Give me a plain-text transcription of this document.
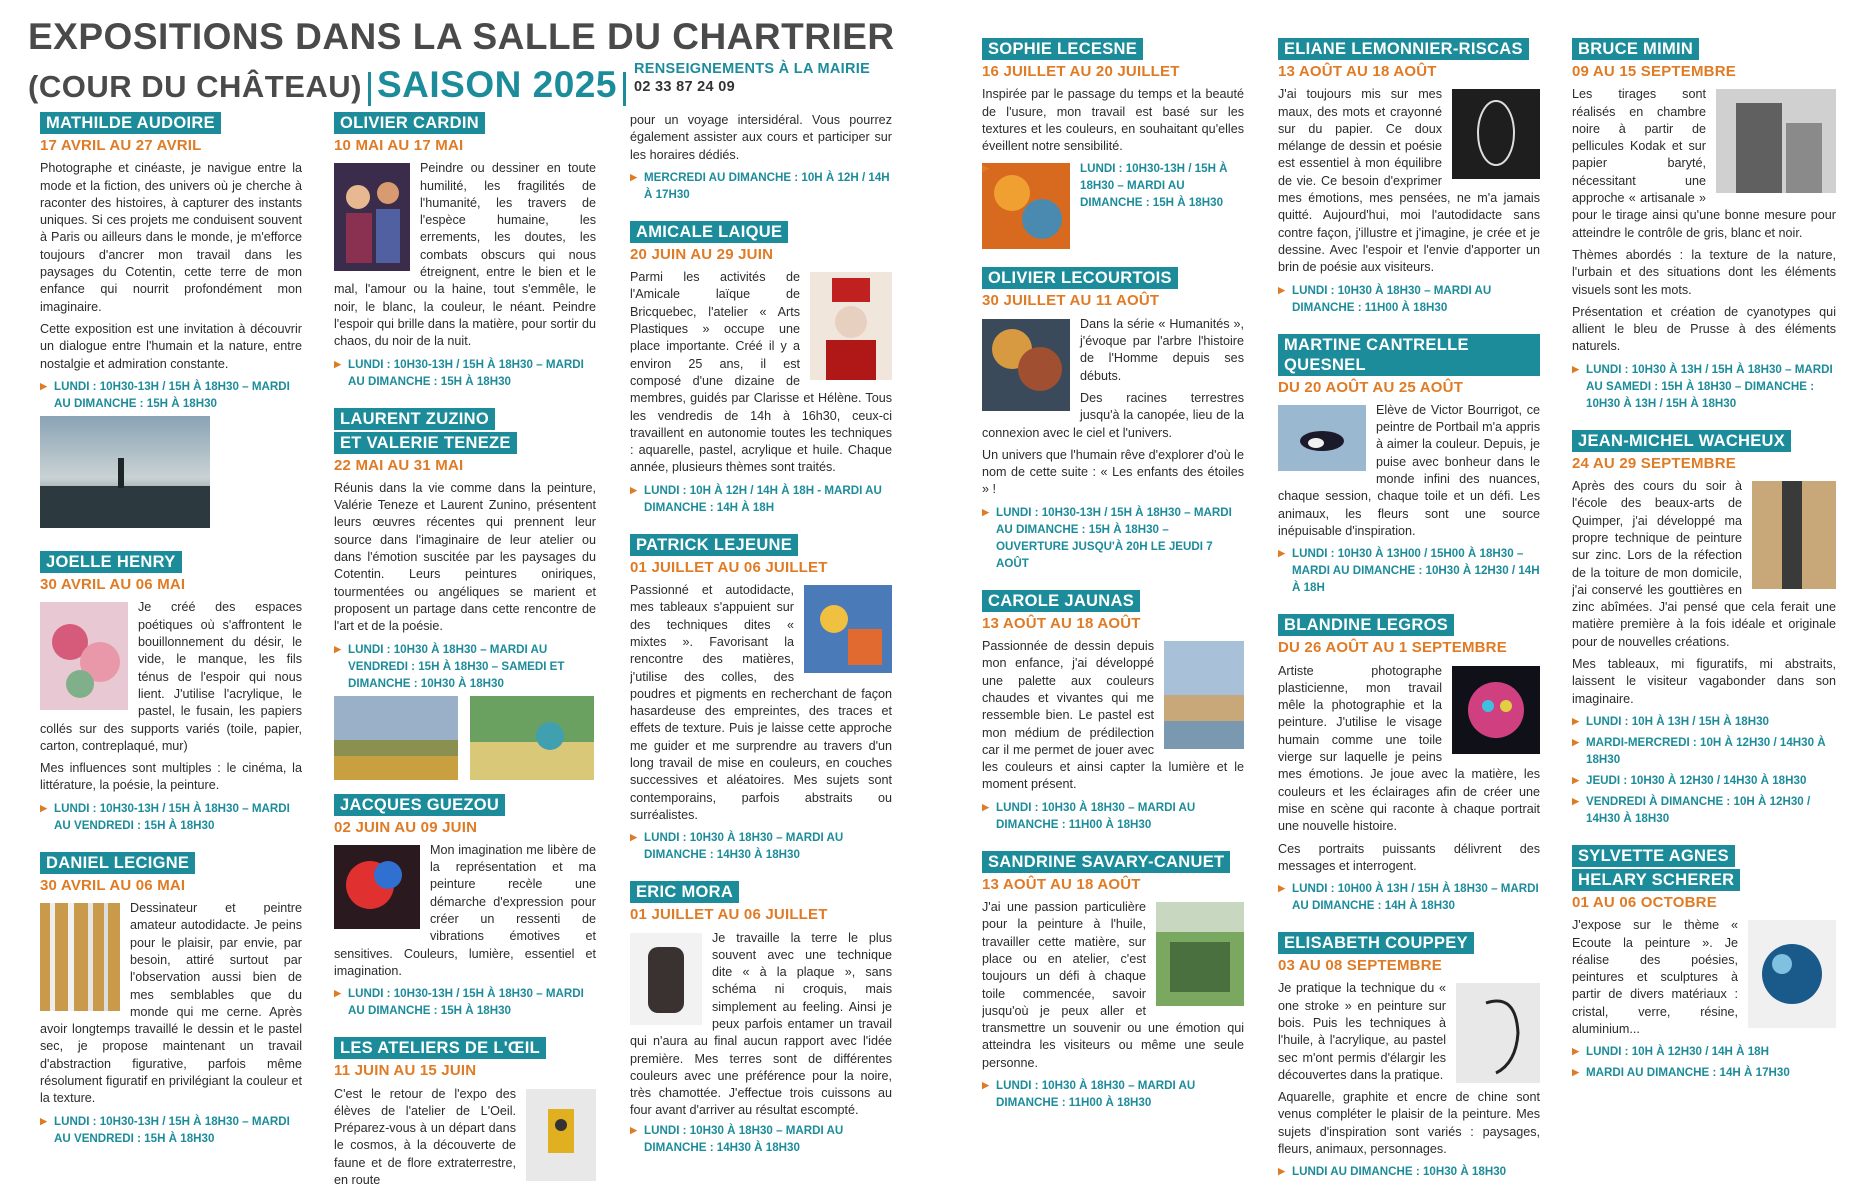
EXPOSITIONS DANS LA SALLE DU CHARTRIER
(COUR DU CHÂTEAU) SAISON 2025	RENSEIGNEMENTS À LA MAIRIE
02 33 87 24 09
MATHILDE AUDOIRE
17 AVRIL AU 27 AVRIL

Photographe et cinéaste, je navigue entre la mode et la fiction, des univers où je cherche à raconter des histoires, à capturer des instants uniques. Si ces projets me conduisent souvent à Paris ou ailleurs dans le monde, je m'efforce toujours d'ancrer mon travail dans les paysages du Cotentin, cette terre de mon enfance qui nourrit profondément mon imaginaire.

Cette exposition est une invitation à découvrir un dialogue entre l'humain et la nature, entre nostalgie et admiration constante.

▶ LUNDI : 10H30-13H / 15H À 18H30 – MARDI AU DIMANCHE : 15H À 18H30
JOELLE HENRY
30 AVRIL AU 06 MAI

Je créé des espaces poétiques où s'affrontent le bouillonnement du désir, le vide, le manque, les fils ténus de l'espoir qui nous lient. J'utilise l'acrylique, le pastel, le fusain, les papiers collés sur des supports variés (toile, papier, carton, contreplaqué, mur)

Mes influences sont multiples : le cinéma, la littérature, la poésie, la peinture.

▶ LUNDI : 10H30-13H / 15H À 18H30 – MARDI AU VENDREDI : 15H À 18H30
DANIEL LECIGNE
30 AVRIL AU 06 MAI

Dessinateur et peintre amateur autodidacte. Je peins pour le plaisir, par envie, par besoin, attiré surtout par l'observation aussi bien de mes semblables que du monde qui me cerne. Après avoir longtemps travaillé le dessin et le pastel sec, je propose maintenant un travail d'abstraction figurative, parfois même résolument figuratif en privilégiant la couleur et la texture.

▶ LUNDI : 10H30-13H / 15H À 18H30 – MARDI AU VENDREDI : 15H À 18H30
OLIVIER CARDIN
10 MAI AU 17 MAI

Peindre ou dessiner en toute humilité, les fragilités de l'humanité, les travers de l'espèce humaine, les errements, les doutes, les combats obscurs qui nous étreignent, entre le bien et le mal, l'amour ou la haine, tout s'emmêle, le noir, le blanc, la couleur, le néant. Peindre l'espoir qui brille dans la matière, pour sortir du chaos, du noir de la nuit.

▶ LUNDI : 10H30-13H / 15H À 18H30 – MARDI AU DIMANCHE : 15H À 18H30
LAURENT ZUZINO
ET VALERIE TENEZE
22 MAI AU 31 MAI

Réunis dans la vie comme dans la peinture, Valérie Teneze et Laurent Zunino, présentent leurs œuvres récentes qui prennent leur source dans l'imaginaire de leur atelier ou dans l'émotion suscitée par les paysages du Cotentin. Leurs peintures oniriques, tourmentées ou angéliques se marient et proposent un partage dans cette rencontre de l'art et de la poésie.

▶ LUNDI : 10H30 À 18H30 – MARDI AU VENDREDI : 15H À 18H30 – SAMEDI ET DIMANCHE : 10H30 À 18H30
JACQUES GUEZOU
02 JUIN AU 09 JUIN

Mon imagination me libère de la représentation et ma peinture recèle une démarche d'expression pour créer un ressenti de vibrations émotives et sensitives. Couleurs, lumière, essentiel et imagination.

▶ LUNDI : 10H30-13H / 15H À 18H30 – MARDI AU DIMANCHE : 15H À 18H30
LES ATELIERS DE L'ŒIL
11 JUIN AU 15 JUIN

C'est le retour de l'expo des élèves de l'atelier de L'Oeil. Préparez-vous à un départ dans le cosmos, à la découverte de faune et de flore extraterrestre, en route

pour un voyage intersidéral. Vous pourrez également assister aux cours et participer sur les horaires dédiés.

▶ MERCREDI AU DIMANCHE : 10H À 12H / 14H À 17H30
AMICALE LAIQUE
20 JUIN AU 29 JUIN

Parmi les activités de l'Amicale laïque de Bricquebec, l'atelier « Arts Plastiques » occupe une place importante. Créé il y a environ 25 ans, il est composé d'une dizaine de membres, guidés par Clarisse et Hélène. Tous les vendredis de 14h à 16h30, ceux-ci travaillent en autonomie toutes les techniques : aquarelle, pastel, acrylique et huile. Chaque année, plusieurs thèmes sont traités.

▶ LUNDI : 10H À 12H / 14H À 18H - MARDI AU DIMANCHE : 14H À 18H
PATRICK LEJEUNE
01 JUILLET AU 06 JUILLET

Passionné et autodidacte, mes tableaux s'appuient sur des techniques dites « mixtes ». Favorisant la rencontre des matières, j'utilise des colles, des poudres et pigments en recherchant de façon hasardeuse des empreintes, des traces et effets de texture. Puis je laisse cette approche me guider et me surprendre au travers d'un long travail de mise en couleurs, en couches successives et aléatoires. Mes sujets sont contemporains, parfois abstraits ou surréalistes.

▶ LUNDI : 10H30 À 18H30 – MARDI AU DIMANCHE : 14H30 À 18H30
ERIC MORA
01 JUILLET AU 06 JUILLET

Je travaille la terre le plus souvent avec une technique dite « à la plaque », sans schéma ni croquis, mais simplement au feeling. Ainsi je peux parfois entamer un travail qui n'aura au final aucun rapport avec l'idée première. Mes terres sont de différentes couleurs avec une préférence pour la noire, très chamottée. J'effectue trois cuissons au four avant d'arriver au résultat escompté.

▶ LUNDI : 10H30 À 18H30 – MARDI AU DIMANCHE : 14H30 À 18H30
SOPHIE LECESNE
16 JUILLET AU 20 JUILLET

Inspirée par le passage du temps et la beauté de l'usure, mon travail est basé sur les textures et les couleurs, en souhaitant qu'elles éveillent notre sensibilité.

▶ LUNDI : 10H30-13H / 15H À 18H30 – MARDI AU DIMANCHE : 15H À 18H30
OLIVIER LECOURTOIS
30 JUILLET AU 11 AOÛT

Dans la série « Humanités », j'évoque par l'arbre l'histoire de l'Homme depuis ses débuts.

Des racines terrestres jusqu'à la canopée, lieu de la connexion avec le ciel et l'univers.

Un univers que l'humain rêve d'explorer d'où le nom de cette suite : « Les enfants des étoiles » !

▶ LUNDI : 10H30-13H / 15H À 18H30 – MARDI AU DIMANCHE : 15H À 18H30 – OUVERTURE JUSQU'À 20H LE JEUDI 7 AOÛT
CAROLE JAUNAS
13 AOÛT AU 18 AOÛT

Passionnée de dessin depuis mon enfance, j'ai développé une palette aux couleurs chaudes et vivantes qui me ressemble bien. Le pastel est mon médium de prédilection car il me permet de jouer avec les couleurs et ainsi capter la lumière et le moment présent.

▶ LUNDI : 10H30 À 18H30 – MARDI AU DIMANCHE : 11H00 À 18H30
SANDRINE SAVARY-CANUET
13 AOÛT AU 18 AOÛT

J'ai une passion particulière pour la peinture à l'huile, travailler cette matière, sur place ou en atelier, c'est toujours un défi à chaque toile commencée, savoir jusqu'où je peux aller et transmettre un souvenir ou une émotion qui atteindra les visiteurs ou même une seule personne.

▶ LUNDI : 10H30 À 18H30 – MARDI AU DIMANCHE : 11H00 À 18H30
ELIANE LEMONNIER-RISCAS
13 AOÛT AU 18 AOÛT

J'ai toujours mis sur mes maux, des mots et crayonné sur du papier. Ce doux mélange de dessin et poésie est essentiel à mon équilibre de vie. Ce besoin d'exprimer mes émotions, mes pensées, ne m'a jamais quitté. Aujourd'hui, moi l'autodidacte sans contre façon, j'illustre et j'imagine, je crée et je dessine. Avec l'espoir et l'envie d'apporter un brin de poésie aux visiteurs.

▶ LUNDI : 10H30 À 18H30 – MARDI AU DIMANCHE : 11H00 À 18H30
MARTINE CANTRELLE QUESNEL
DU 20 AOÛT AU 25 AOÛT

Elève de Victor Bourrigot, ce peintre de Portbail m'a appris à aimer la couleur. Depuis, je puise avec bonheur dans le monde infini des nuances, chaque session, chaque toile et un défi. Les animaux, les fleurs sont une source inépuisable d'inspiration.

▶ LUNDI : 10H30 À 13H00 / 15H00 À 18H30 – MARDI AU DIMANCHE : 10H30 À 12H30 / 14H À 18H
BLANDINE LEGROS
DU 26 AOÛT AU 1 SEPTEMBRE

Artiste photographe plasticienne, mon travail mêle la photographie et la peinture. J'utilise le visage humain comme une toile vierge sur laquelle je peins mes émotions. Je joue avec la matière, les couleurs et les éclairages afin de créer une mise en scène qui raconte à chaque portrait une nouvelle histoire.

Ces portraits puissants délivrent des messages et interrogent.

▶ LUNDI : 10H00 À 13H / 15H À 18H30 – MARDI AU DIMANCHE : 14H À 18H30
ELISABETH COUPPEY
03 AU 08 SEPTEMBRE

Je pratique la technique du « one stroke » en peinture sur bois. Puis les techniques à l'huile, à l'acrylique, au pastel sec m'ont permis d'élargir les découvertes dans la pratique.

Aquarelle, graphite et encre de chine sont venus compléter le plaisir de la peinture. Mes sujets d'inspiration sont variés : paysages, fleurs, animaux, personnages.

▶ LUNDI AU DIMANCHE : 10H30 À 18H30
BRUCE MIMIN
09 AU 15 SEPTEMBRE

Les tirages sont réalisés en chambre noire à partir de pellicules Kodak et sur papier baryté, nécessitant une approche « artisanale » pour le tirage ainsi qu'une bonne mesure pour atteindre le contrôle de gris, blanc et noir.

Thèmes abordés : la texture de la nature, l'urbain et des situations dont les éléments visuels sont les mots.

Présentation et création de cyanotypes qui allient le bleu de Prusse à des éléments naturels.

▶ LUNDI : 10H30 À 13H / 15H À 18H30 – MARDI AU SAMEDI : 15H À 18H30 – DIMANCHE : 10H30 À 13H / 15H À 18H30
JEAN-MICHEL WACHEUX
24 AU 29 SEPTEMBRE

Après des cours du soir à l'école des beaux-arts de Quimper, j'ai développé ma propre technique de peinture sur zinc. Lors de la réfection de la toiture de mon domicile, j'ai conservé les gouttières en zinc abîmées. J'ai pensé que cela ferait une matière première à la fois idéale et originale pour de nouvelles créations.

Mes tableaux, mi figuratifs, mi abstraits, laissent le visiteur vagabonder dans son imaginaire.

▶ LUNDI : 10H À 13H / 15H À 18H30
▶ MARDI-MERCREDI : 10H À 12H30 / 14H30 À 18H30
▶ JEUDI : 10H30 À 12H30 / 14H30 À 18H30
▶ VENDREDI À DIMANCHE : 10H À 12H30 / 14H30 À 18H30
SYLVETTE AGNES
HELARY SCHERER
01 AU 06 OCTOBRE

J'expose sur le thème « Ecoute la peinture ». Je réalise des poésies, peintures et sculptures à partir de divers matériaux : cristal, verre, résine, aluminium...

▶ LUNDI : 10H À 12H30 / 14H À 18H
▶ MARDI AU DIMANCHE : 14H À 17H30
